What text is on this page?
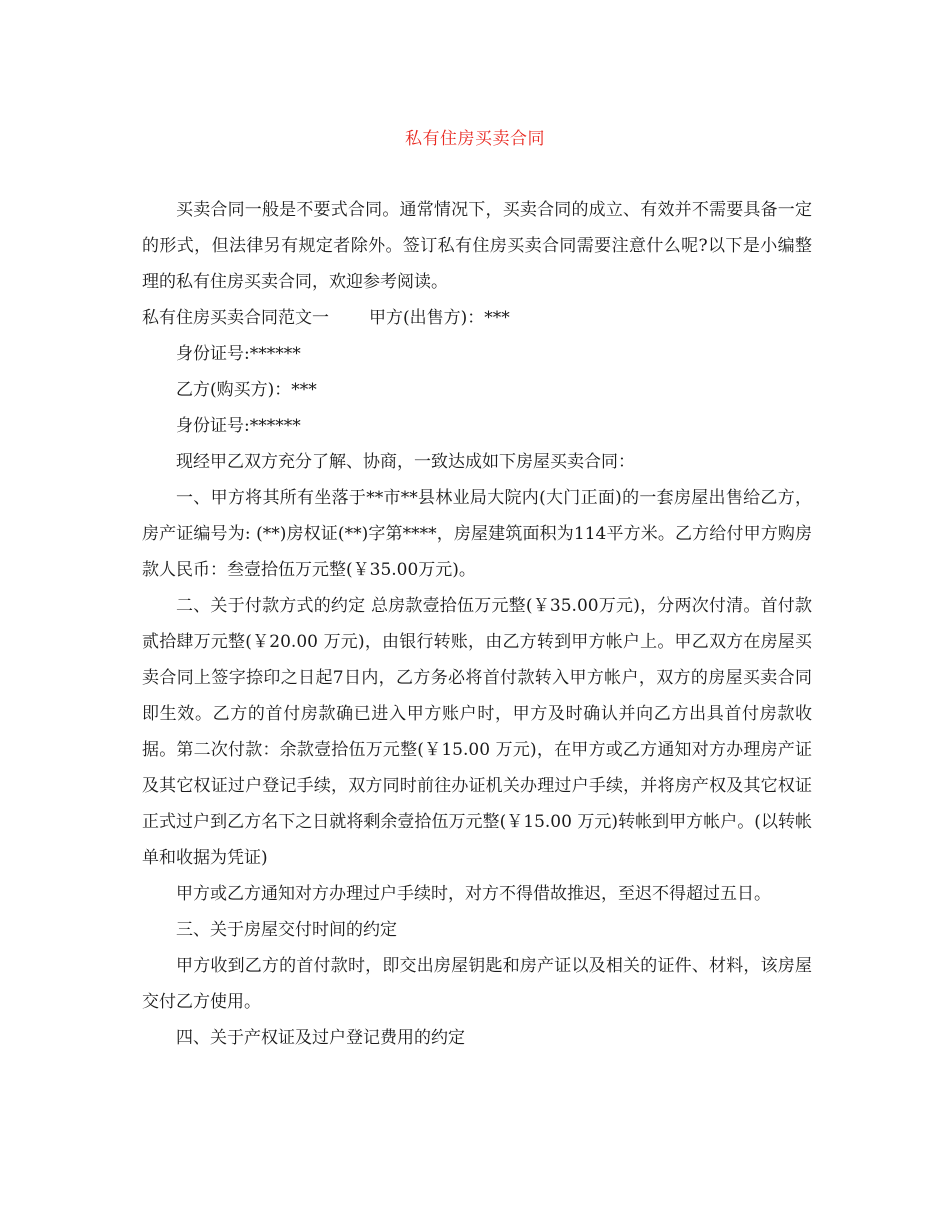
私有住房买卖合同

买卖合同一般是不要式合同。通常情况下，买卖合同的成立、有效并不需要具备一定的形式，但法律另有规定者除外。签订私有住房买卖合同需要注意什么呢?以下是小编整理的私有住房买卖合同，欢迎参考阅读。

私有住房买卖合同范文一 甲方(出售方)：***

身份证号:******

乙方(购买方)：***

身份证号:******

现经甲乙双方充分了解、协商，一致达成如下房屋买卖合同：

一、甲方将其所有坐落于**市**县林业局大院内(大门正面)的一套房屋出售给乙方，房产证编号为: (**)房权证(**)字第****，房屋建筑面积为114平方米。乙方给付甲方购房款人民币：叁壹拾伍万元整(￥35.00万元)。

二、关于付款方式的约定 总房款壹拾伍万元整(￥35.00万元)，分两次付清。首付款贰拾肆万元整(￥20.00 万元)，由银行转账，由乙方转到甲方帐户上。甲乙双方在房屋买卖合同上签字捺印之日起7日内，乙方务必将首付款转入甲方帐户，双方的房屋买卖合同即生效。乙方的首付房款确已进入甲方账户时，甲方及时确认并向乙方出具首付房款收据。第二次付款：余款壹拾伍万元整(￥15.00 万元)，在甲方或乙方通知对方办理房产证及其它权证过户登记手续，双方同时前往办证机关办理过户手续，并将房产权及其它权证正式过户到乙方名下之日就将剩余壹拾伍万元整(￥15.00 万元)转帐到甲方帐户。(以转帐单和收据为凭证)

甲方或乙方通知对方办理过户手续时，对方不得借故推迟，至迟不得超过五日。

三、关于房屋交付时间的约定

甲方收到乙方的首付款时，即交出房屋钥匙和房产证以及相关的证件、材料，该房屋交付乙方使用。

四、关于产权证及过户登记费用的约定
